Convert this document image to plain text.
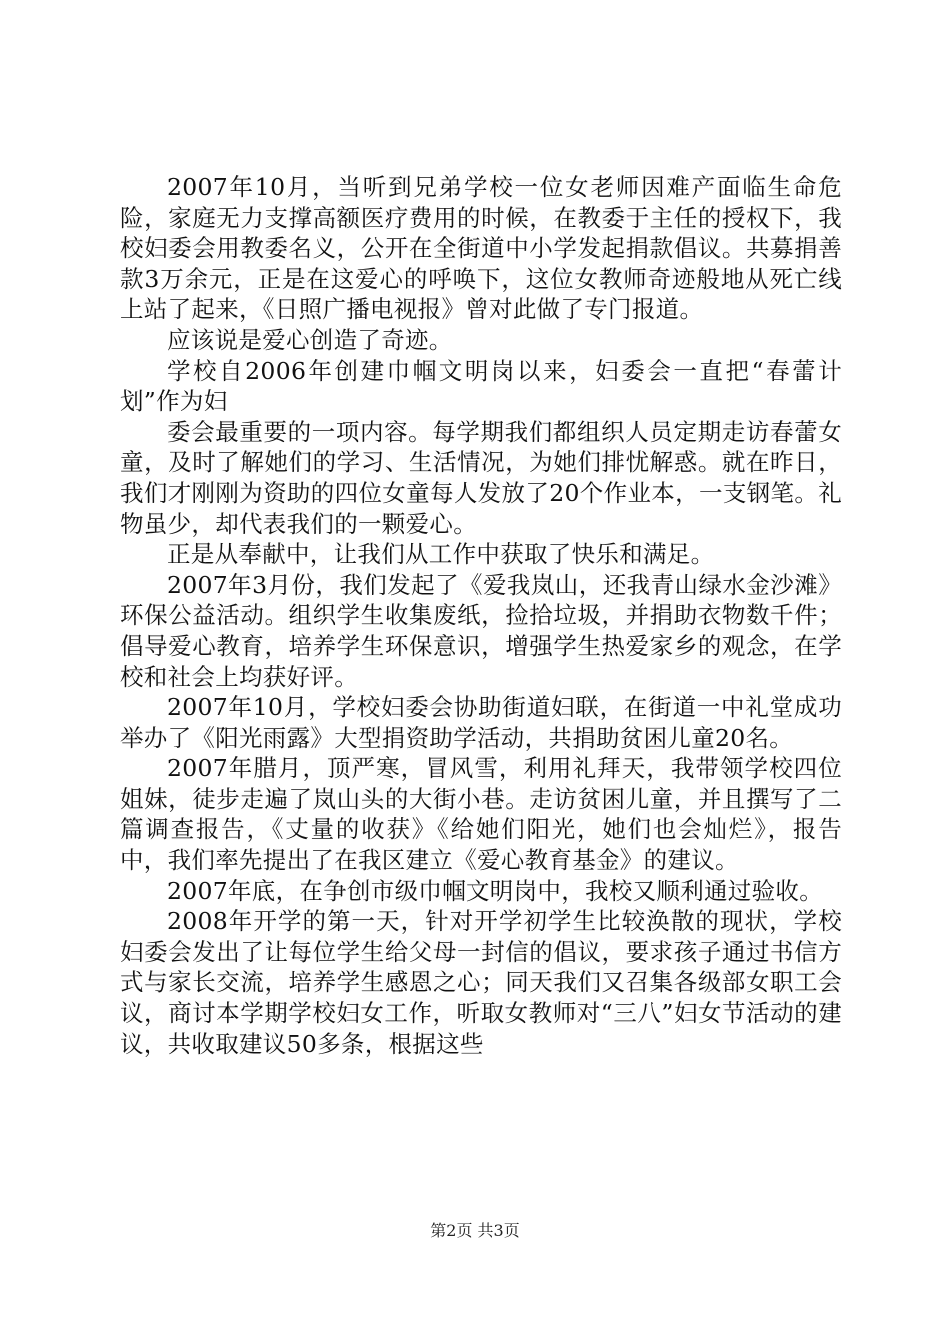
2007年10月，当听到兄弟学校一位女老师因难产面临生命危险，家庭无力支撑高额医疗费用的时候，在教委于主任的授权下，我校妇委会用教委名义，公开在全街道中小学发起捐款倡议。共募捐善款3万余元，正是在这爱心的呼唤下，这位女教师奇迹般地从死亡线上站了起来，《日照广播电视报》曾对此做了专门报道。

应该说是爱心创造了奇迹。

学校自2006年创建巾帼文明岗以来，妇委会一直把“春蕾计划”作为妇

委会最重要的一项内容。每学期我们都组织人员定期走访春蕾女童，及时了解她们的学习、生活情况，为她们排忧解惑。就在昨日，我们才刚刚为资助的四位女童每人发放了20个作业本，一支钢笔。礼物虽少，却代表我们的一颗爱心。

正是从奉献中，让我们从工作中获取了快乐和满足。

2007年3月份，我们发起了《爱我岚山，还我青山绿水金沙滩》环保公益活动。组织学生收集废纸，捡拾垃圾，并捐助衣物数千件；倡导爱心教育，培养学生环保意识，增强学生热爱家乡的观念，在学校和社会上均获好评。

2007年10月，学校妇委会协助街道妇联，在街道一中礼堂成功举办了《阳光雨露》大型捐资助学活动，共捐助贫困儿童20名。

2007年腊月，顶严寒，冒风雪，利用礼拜天，我带领学校四位姐妹，徒步走遍了岚山头的大街小巷。走访贫困儿童，并且撰写了二篇调查报告，《丈量的收获》《给她们阳光，她们也会灿烂》，报告中，我们率先提出了在我区建立《爱心教育基金》的建议。

2007年底，在争创市级巾帼文明岗中，我校又顺利通过验收。

2008年开学的第一天，针对开学初学生比较涣散的现状，学校妇委会发出了让每位学生给父母一封信的倡议，要求孩子通过书信方式与家长交流，培养学生感恩之心；同天我们又召集各级部女职工会议，商讨本学期学校妇女工作，听取女教师对“三八”妇女节活动的建议，共收取建议50多条，根据这些

第2页 共3页
